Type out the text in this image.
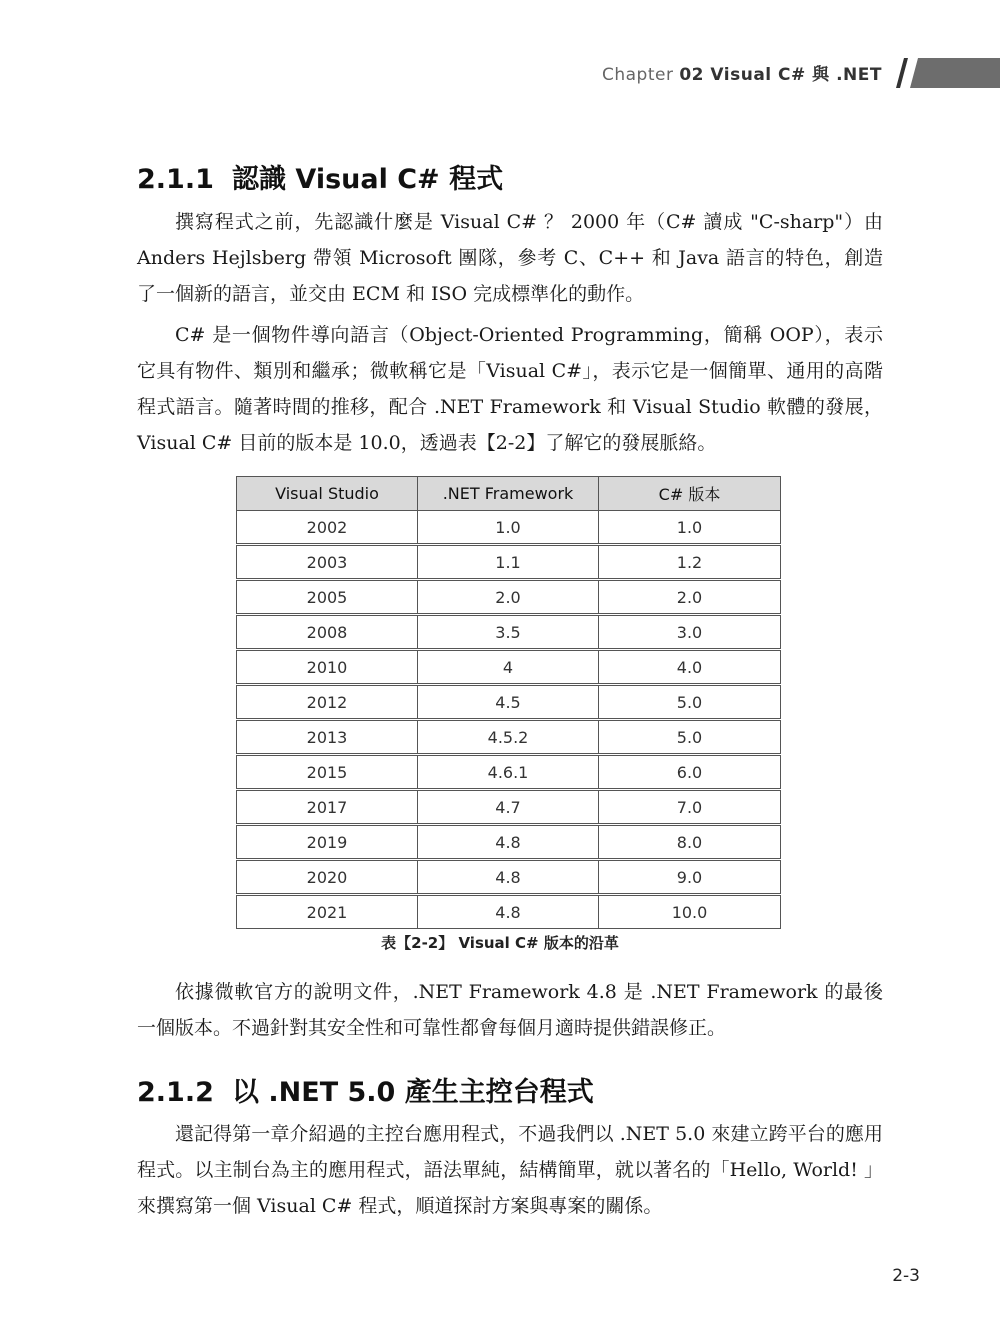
Chapter 02 Visual C# 與 .NET
2.1.1 認識 Visual C# 程式

撰寫程式之前，先認識什麼是 Visual C# ？ 2000 年（C# 讀成 "C-sharp"）由 Anders Hejlsberg 帶領 Microsoft 團隊，參考 C、C++ 和 Java 語言的特色，創造了一個新的語言，並交由 ECM 和 ISO 完成標準化的動作。

C# 是一個物件導向語言（Object-Oriented Programming，簡稱 OOP），表示它具有物件、類別和繼承；微軟稱它是「Visual C#」，表示它是一個簡單、通用的高階程式語言。隨著時間的推移，配合 .NET Framework 和 Visual Studio 軟體的發展，Visual C# 目前的版本是 10.0，透過表【2-2】了解它的發展脈絡。

Visual Studio	.NET Framework	C# 版本
2002	1.0	1.0
2003	1.1	1.2
2005	2.0	2.0
2008	3.5	3.0
2010	4	4.0
2012	4.5	5.0
2013	4.5.2	5.0
2015	4.6.1	6.0
2017	4.7	7.0
2019	4.8	8.0
2020	4.8	9.0
2021	4.8	10.0
表【2-2】 Visual C# 版本的沿革

依據微軟官方的說明文件，.NET Framework 4.8 是 .NET Framework 的最後一個版本。不過針對其安全性和可靠性都會每個月適時提供錯誤修正。

2.1.2 以 .NET 5.0 產生主控台程式

還記得第一章介紹過的主控台應用程式，不過我們以 .NET 5.0 來建立跨平台的應用程式。以主制台為主的應用程式，語法單純，結構簡單，就以著名的「Hello, World! 」來撰寫第一個 Visual C# 程式，順道探討方案與專案的關係。

2-3
